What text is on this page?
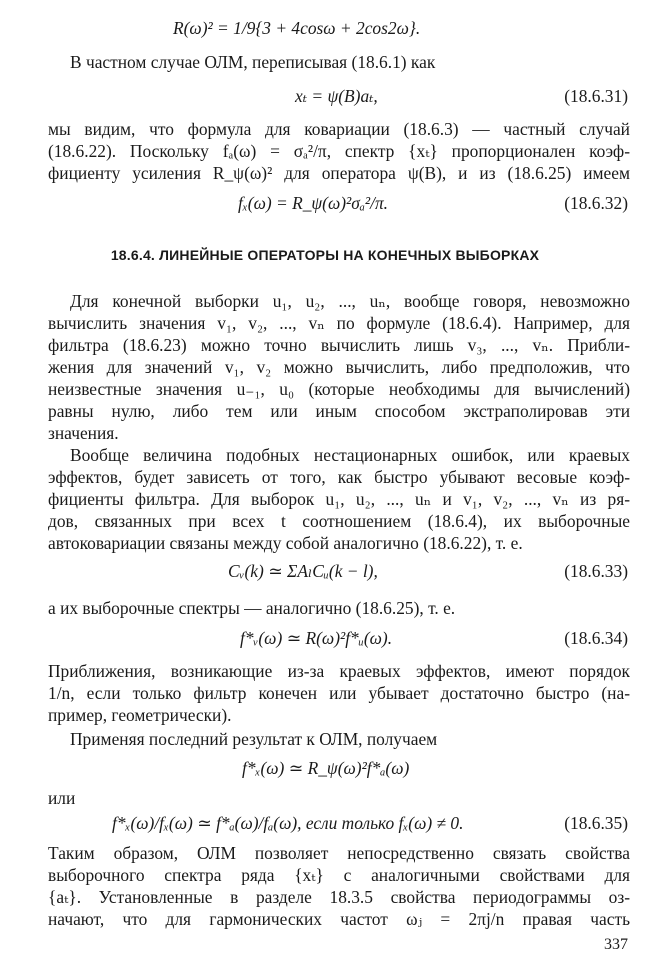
R(ω)² = 1/9{3 + 4cosω + 2cos2ω}.
В частном случае ОЛМ, переписывая (18.6.1) как
xₜ = ψ(B)aₜ,	(18.6.31)
мы видим, что формула для ковариации (18.6.3) — частный случай
(18.6.22). Поскольку fₐ(ω) = σₐ²/π, спектр {xₜ} пропорционален коэф-
фициенту усиления R_ψ(ω)² для оператора ψ(B), и из (18.6.25) имеем
fₓ(ω) = R_ψ(ω)²σₐ²/π.	(18.6.32)
18.6.4. ЛИНЕЙНЫЕ ОПЕРАТОРЫ НА КОНЕЧНЫХ ВЫБОРКАХ
Для конечной выборки u₁, u₂, ..., uₙ, вообще говоря, невозможно
вычислить значения v₁, v₂, ..., vₙ по формуле (18.6.4). Например, для
фильтра (18.6.23) можно точно вычислить лишь v₃, ..., vₙ. Прибли-
жения для значений v₁, v₂ можно вычислить, либо предположив, что
неизвестные значения u₋₁, u₀ (которые необходимы для вычислений)
равны нулю, либо тем или иным способом экстраполировав эти
значения.
Вообще величина подобных нестационарных ошибок, или краевых
эффектов, будет зависеть от того, как быстро убывают весовые коэф-
фициенты фильтра. Для выборок u₁, u₂, ..., uₙ и v₁, v₂, ..., vₙ из ря-
дов, связанных при всех t соотношением (18.6.4), их выборочные
автоковариации связаны между собой аналогично (18.6.22), т. е.
Cᵥ(k) ≃ ΣAₗCᵤ(k − l),	(18.6.33)
а их выборочные спектры — аналогично (18.6.25), т. е.
f*ᵥ(ω) ≃ R(ω)²f*ᵤ(ω).	(18.6.34)
Приближения, возникающие из-за краевых эффектов, имеют порядок
1/n, если только фильтр конечен или убывает достаточно быстро (на-
пример, геометрически).
Применяя последний результат к ОЛМ, получаем
f*ₓ(ω) ≃ R_ψ(ω)²f*ₐ(ω)
или
f*ₓ(ω)/fₓ(ω) ≃ f*ₐ(ω)/fₐ(ω), если только fₓ(ω) ≠ 0.	(18.6.35)
Таким образом, ОЛМ позволяет непосредственно связать свойства
выборочного спектра ряда {xₜ} с аналогичными свойствами для
{aₜ}. Установленные в разделе 18.3.5 свойства периодограммы оз-
начают, что для гармонических частот ωⱼ = 2πj/n правая часть
337
